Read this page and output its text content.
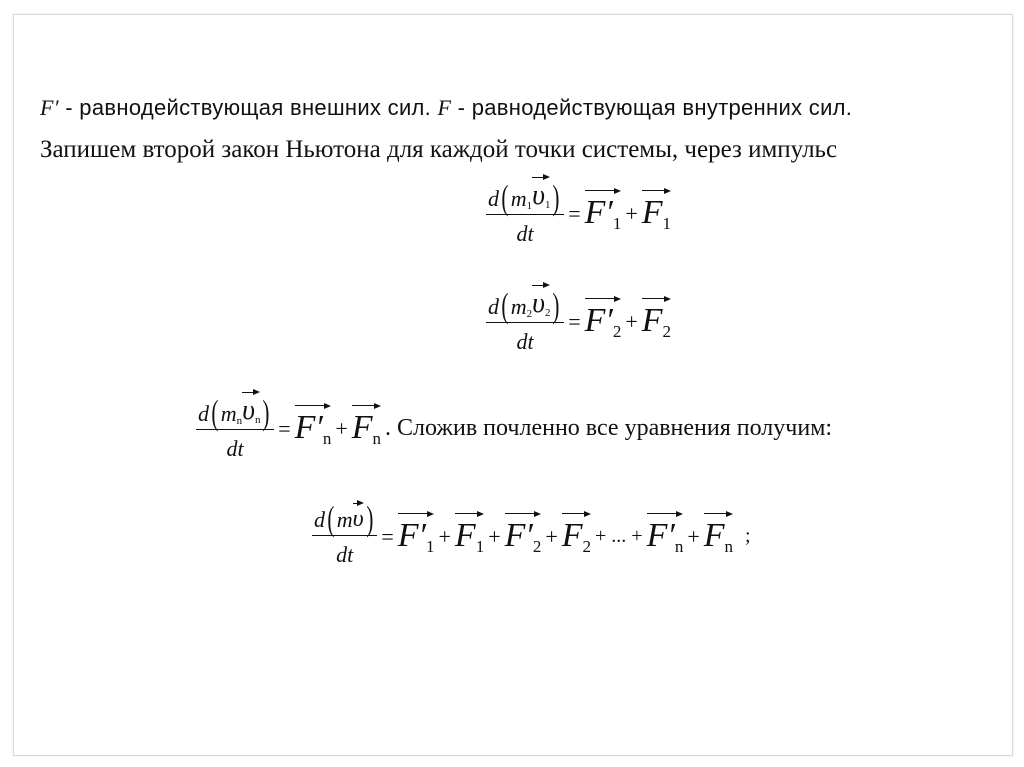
F′ - равнодействующая внешних сил. F - равнодействующая внутренних сил.
Запишем второй закон Ньютона для каждой точки системы, через импульс
$\frac{d ( m 1 \upsilon_1 )}{dt} = F'_1 + F_1$
$\frac{d ( m 2 \upsilon_2 )}{dt} = F'_2 + F_2$
$\frac{d ( m n \upsilon_n )}{dt} = F'_n + F_n$ . Сложив почленно все уравнения получим:
$\frac{\text{d ( m υ )}}{dt} = F'_1 + F_1 + F'_2 + F_2$ + ... + $F'_n + F_n$ ;
